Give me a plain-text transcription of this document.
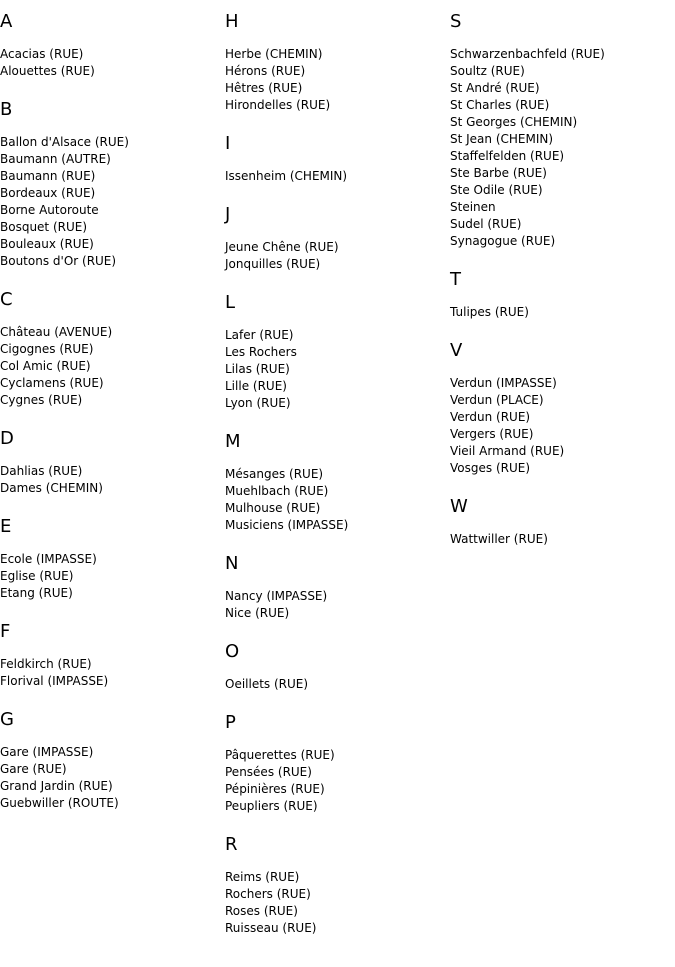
A
Acacias (RUE)
Alouettes (RUE)
B
Ballon d'Alsace (RUE)
Baumann (AUTRE)
Baumann (RUE)
Bordeaux (RUE)
Borne Autoroute
Bosquet (RUE)
Bouleaux (RUE)
Boutons d'Or (RUE)
C
Château (AVENUE)
Cigognes (RUE)
Col Amic (RUE)
Cyclamens (RUE)
Cygnes (RUE)
D
Dahlias (RUE)
Dames (CHEMIN)
E
Ecole (IMPASSE)
Eglise (RUE)
Etang (RUE)
F
Feldkirch (RUE)
Florival (IMPASSE)
G
Gare (IMPASSE)
Gare (RUE)
Grand Jardin (RUE)
Guebwiller (ROUTE)
H
Herbe (CHEMIN)
Hérons (RUE)
Hêtres (RUE)
Hirondelles (RUE)
I
Issenheim (CHEMIN)
J
Jeune Chêne (RUE)
Jonquilles (RUE)
L
Lafer (RUE)
Les Rochers
Lilas (RUE)
Lille (RUE)
Lyon (RUE)
M
Mésanges (RUE)
Muehlbach (RUE)
Mulhouse (RUE)
Musiciens (IMPASSE)
N
Nancy (IMPASSE)
Nice (RUE)
O
Oeillets (RUE)
P
Pâquerettes (RUE)
Pensées (RUE)
Pépinières (RUE)
Peupliers (RUE)
R
Reims (RUE)
Rochers (RUE)
Roses (RUE)
Ruisseau (RUE)
S
Schwarzenbachfeld (RUE)
Soultz (RUE)
St André (RUE)
St Charles (RUE)
St Georges (CHEMIN)
St Jean (CHEMIN)
Staffelfelden (RUE)
Ste Barbe (RUE)
Ste Odile (RUE)
Steinen
Sudel (RUE)
Synagogue (RUE)
T
Tulipes (RUE)
V
Verdun (IMPASSE)
Verdun (PLACE)
Verdun (RUE)
Vergers (RUE)
Vieil Armand (RUE)
Vosges (RUE)
W
Wattwiller (RUE)
